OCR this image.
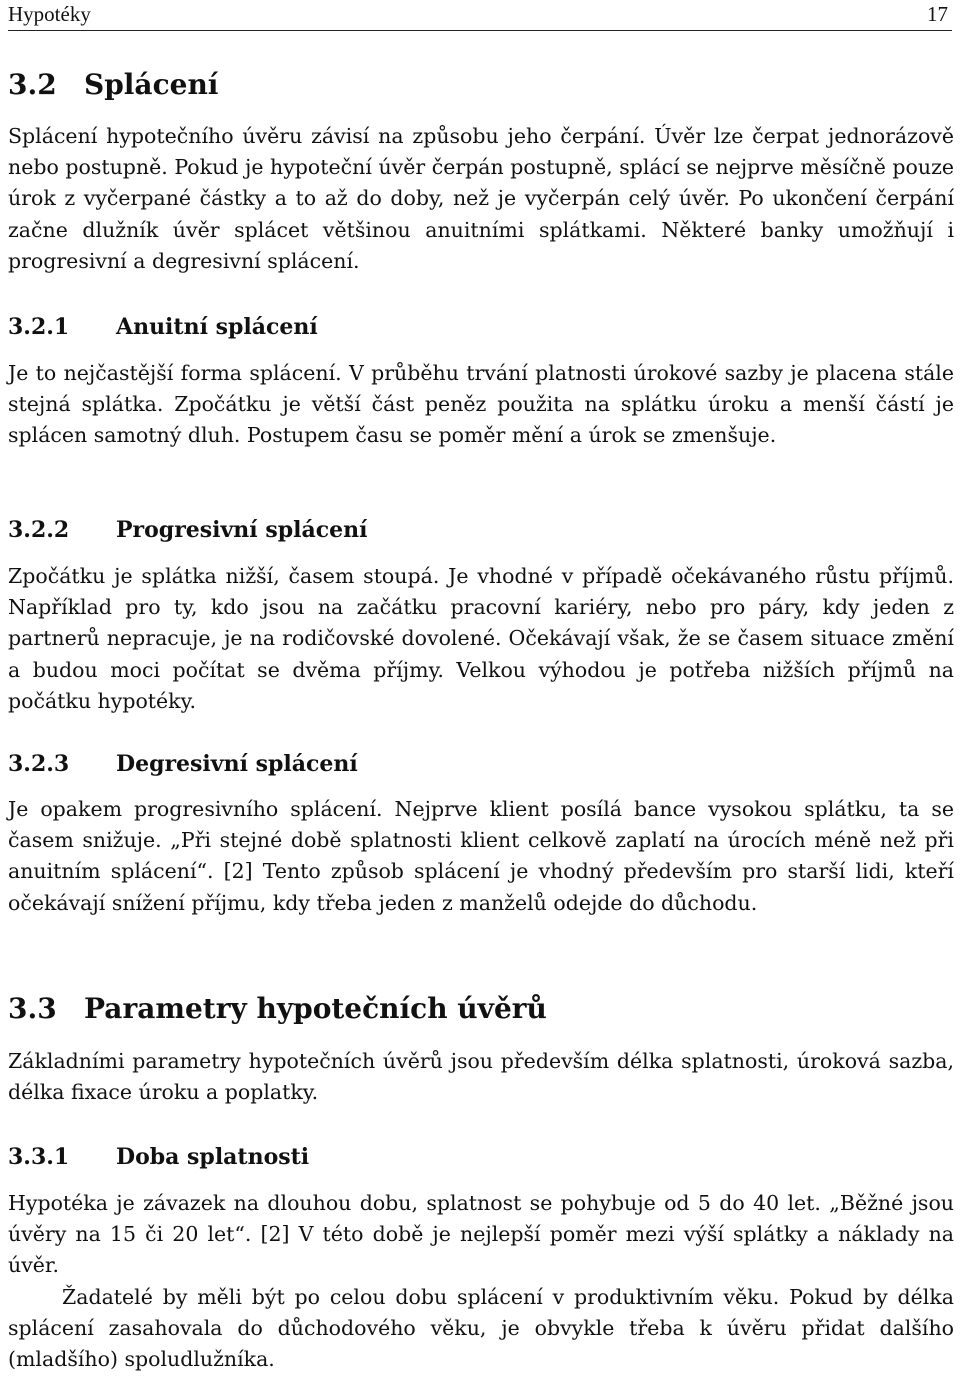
Hypotéky	17
3.2 Splácení

Splácení hypotečního úvěru závisí na způsobu jeho čerpání. Úvěr lze čerpat jednorázově nebo postupně. Pokud je hypoteční úvěr čerpán postupně, splácí se nejprve měsíčně pouze úrok z vyčerpané částky a to až do doby, než je vyčerpán celý úvěr. Po ukončení čerpání začne dlužník úvěr splácet většinou anuitními splátkami. Některé banky umožňují i progresivní a degresivní splácení.

3.2.1 Anuitní splácení

Je to nejčastější forma splácení. V průběhu trvání platnosti úrokové sazby je placena stále stejná splátka. Zpočátku je větší část peněz použita na splátku úroku a menší částí je splácen samotný dluh. Postupem času se poměr mění a úrok se zmenšuje.

3.2.2 Progresivní splácení

Zpočátku je splátka nižší, časem stoupá. Je vhodné v případě očekávaného růstu příjmů. Například pro ty, kdo jsou na začátku pracovní kariéry, nebo pro páry, kdy jeden z partnerů nepracuje, je na rodičovské dovolené. Očekávají však, že se časem situace změní a budou moci počítat se dvěma příjmy. Velkou výhodou je potřeba nižších příjmů na počátku hypotéky.

3.2.3 Degresivní splácení

Je opakem progresivního splácení. Nejprve klient posílá bance vysokou splátku, ta se časem snižuje. „Při stejné době splatnosti klient celkově zaplatí na úrocích méně než při anuitním splácení“. [2] Tento způsob splácení je vhodný především pro starší lidi, kteří očekávají snížení příjmu, kdy třeba jeden z manželů odejde do důchodu.

3.3 Parametry hypotečních úvěrů

Základními parametry hypotečních úvěrů jsou především délka splatnosti, úroková sazba, délka fixace úroku a poplatky.

3.3.1 Doba splatnosti

Hypotéka je závazek na dlouhou dobu, splatnost se pohybuje od 5 do 40 let. „Běžné jsou úvěry na 15 či 20 let“. [2] V této době je nejlepší poměr mezi výší splátky a náklady na úvěr.

Žadatelé by měli být po celou dobu splácení v produktivním věku. Pokud by délka splácení zasahovala do důchodového věku, je obvykle třeba k úvěru přidat dalšího (mladšího) spoludlužníka.
